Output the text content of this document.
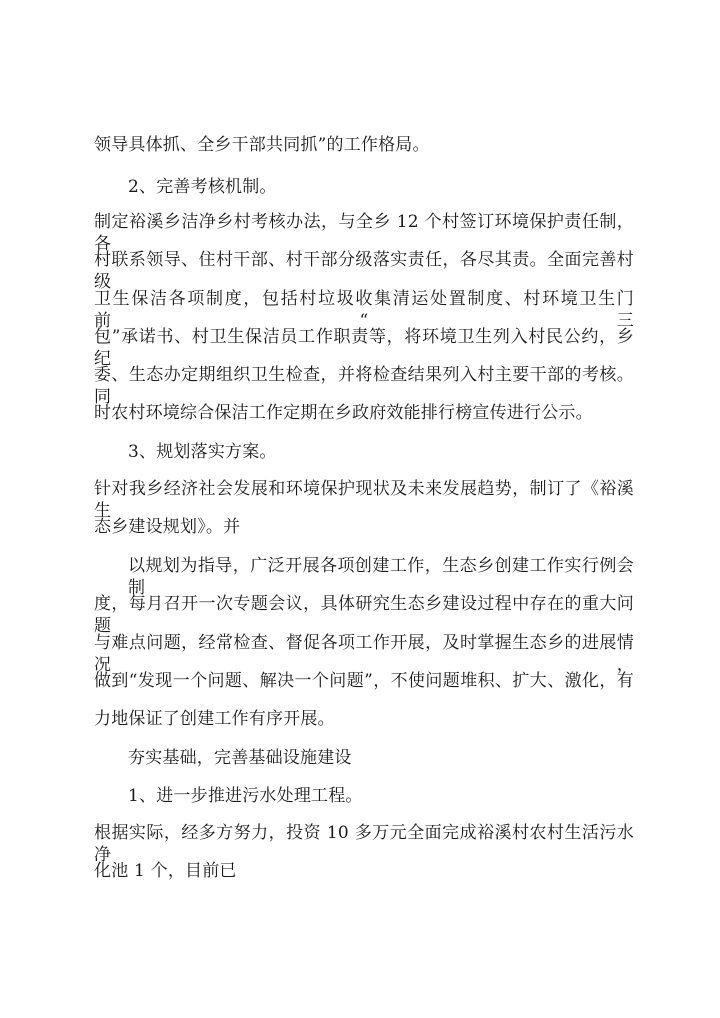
领导具体抓、全乡干部共同抓”的工作格局。
2、完善考核机制。
制定裕溪乡洁净乡村考核办法，与全乡 12 个村签订环境保护责任制，各
村联系领导、住村干部、村干部分级落实责任，各尽其责。全面完善村级
卫生保洁各项制度，包括村垃圾收集清运处置制度、村环境卫生门前“三
包”承诺书、村卫生保洁员工作职责等，将环境卫生列入村民公约，乡纪
委、生态办定期组织卫生检查，并将检查结果列入村主要干部的考核。同
时农村环境综合保洁工作定期在乡政府效能排行榜宣传进行公示。
3、规划落实方案。
针对我乡经济社会发展和环境保护现状及未来发展趋势，制订了《裕溪生
态乡建设规划》。并
以规划为指导，广泛开展各项创建工作，生态乡创建工作实行例会制
度，每月召开一次专题会议，具体研究生态乡建设过程中存在的重大问题
与难点问题，经常检查、督促各项工作开展，及时掌握生态乡的进展情况，
做到“发现一个问题、解决一个问题”，不使问题堆积、扩大、激化，有
力地保证了创建工作有序开展。
夯实基础，完善基础设施建设
1、进一步推进污水处理工程。
根据实际，经多方努力，投资 10 多万元全面完成裕溪村农村生活污水净
化池 1 个，目前已
